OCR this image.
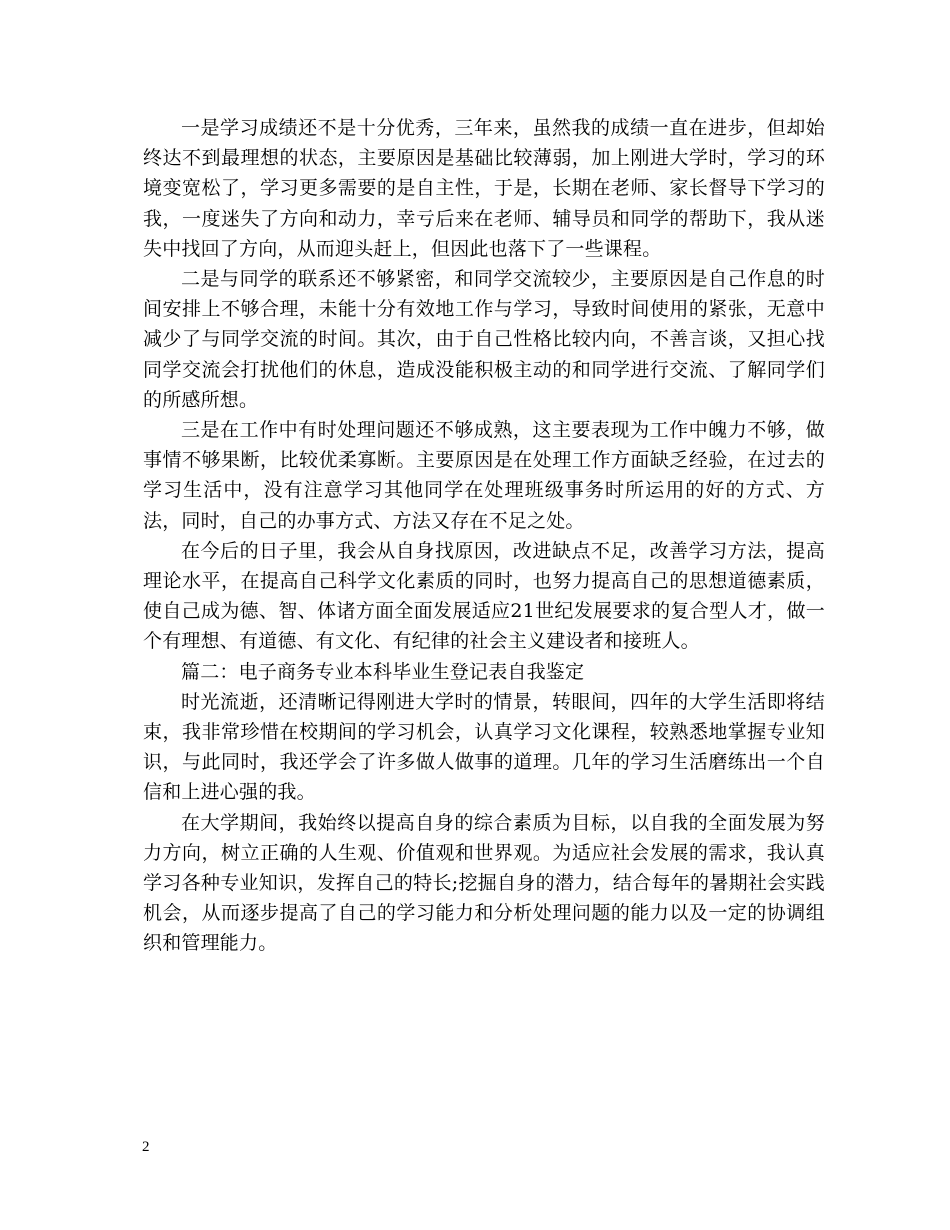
一是学习成绩还不是十分优秀，三年来，虽然我的成绩一直在进步，但却始终达不到最理想的状态，主要原因是基础比较薄弱，加上刚进大学时，学习的环境变宽松了，学习更多需要的是自主性，于是，长期在老师、家长督导下学习的我，一度迷失了方向和动力，幸亏后来在老师、辅导员和同学的帮助下，我从迷失中找回了方向，从而迎头赶上，但因此也落下了一些课程。

二是与同学的联系还不够紧密，和同学交流较少，主要原因是自己作息的时间安排上不够合理，未能十分有效地工作与学习，导致时间使用的紧张，无意中减少了与同学交流的时间。其次，由于自己性格比较内向，不善言谈，又担心找同学交流会打扰他们的休息，造成没能积极主动的和同学进行交流、了解同学们的所感所想。

三是在工作中有时处理问题还不够成熟，这主要表现为工作中魄力不够，做事情不够果断，比较优柔寡断。主要原因是在处理工作方面缺乏经验，在过去的学习生活中，没有注意学习其他同学在处理班级事务时所运用的好的方式、方法，同时，自己的办事方式、方法又存在不足之处。

在今后的日子里，我会从自身找原因，改进缺点不足，改善学习方法，提高理论水平，在提高自己科学文化素质的同时，也努力提高自己的思想道德素质，使自己成为德、智、体诸方面全面发展适应21世纪发展要求的复合型人才，做一个有理想、有道德、有文化、有纪律的社会主义建设者和接班人。

篇二：电子商务专业本科毕业生登记表自我鉴定

时光流逝，还清晰记得刚进大学时的情景，转眼间，四年的大学生活即将结束，我非常珍惜在校期间的学习机会，认真学习文化课程，较熟悉地掌握专业知识，与此同时，我还学会了许多做人做事的道理。几年的学习生活磨练出一个自信和上进心强的我。

在大学期间，我始终以提高自身的综合素质为目标，以自我的全面发展为努力方向，树立正确的人生观、价值观和世界观。为适应社会发展的需求，我认真学习各种专业知识，发挥自己的特长;挖掘自身的潜力，结合每年的暑期社会实践机会，从而逐步提高了自己的学习能力和分析处理问题的能力以及一定的协调组织和管理能力。

2
